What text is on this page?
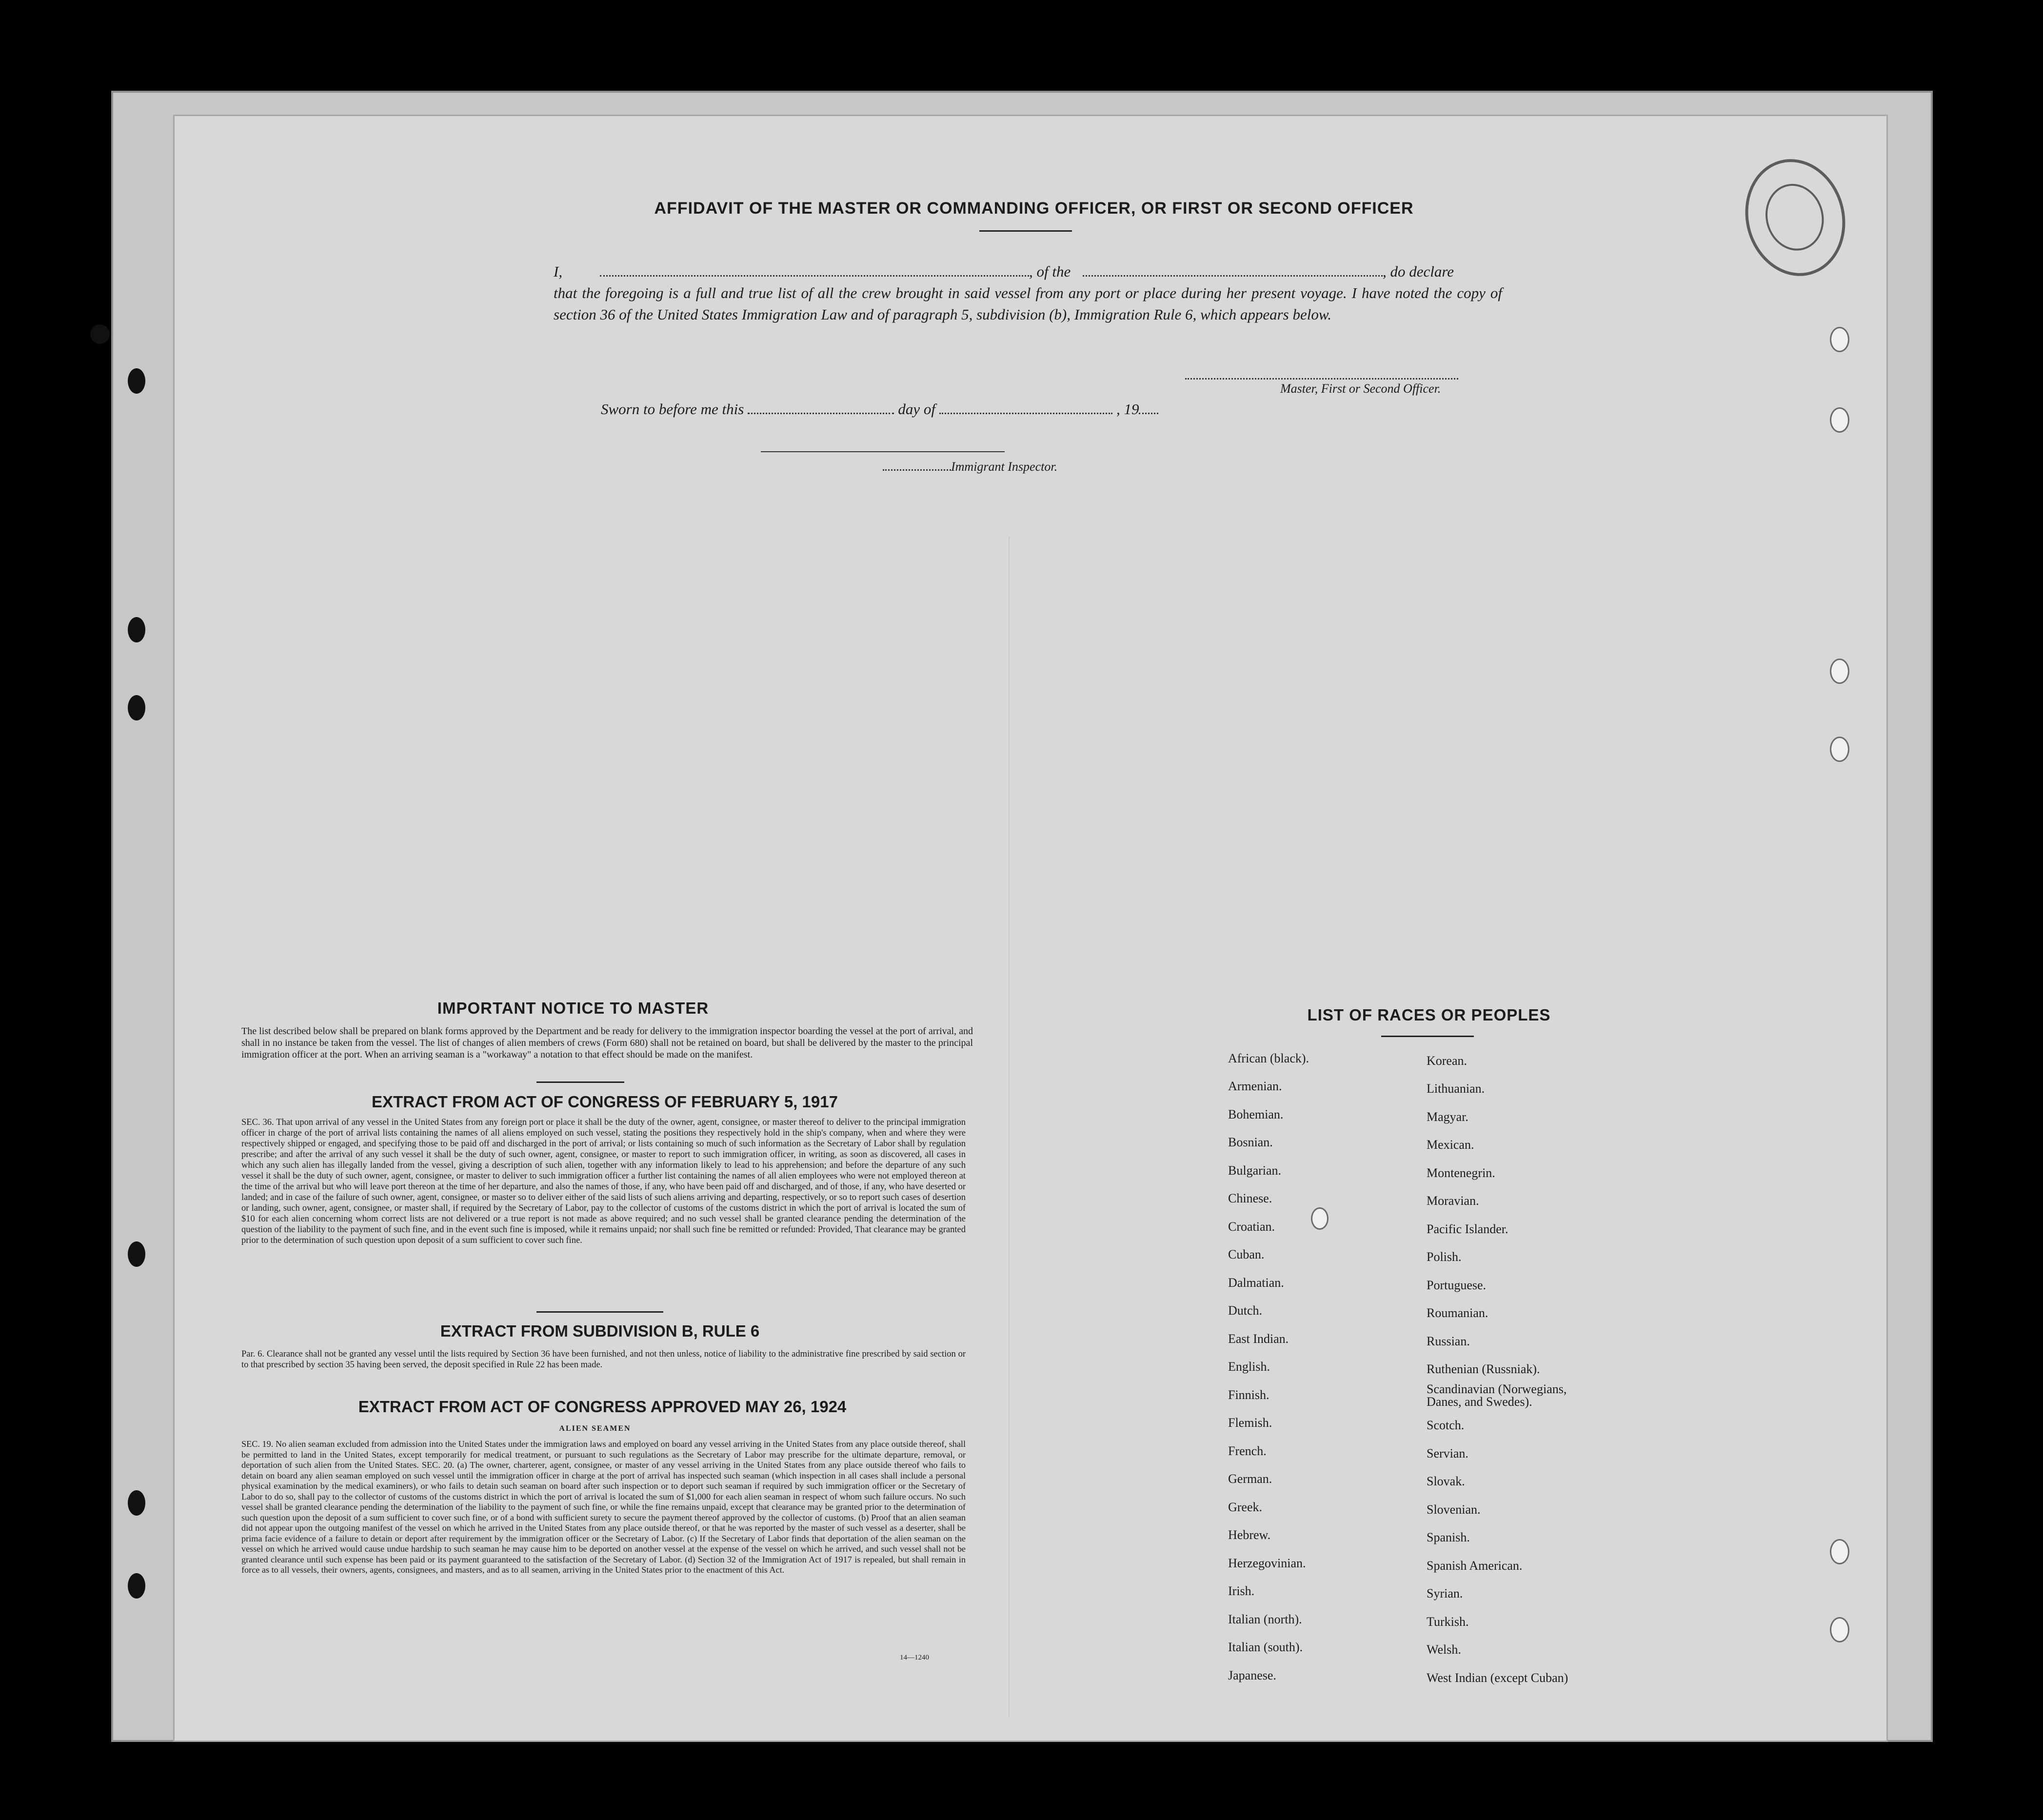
AFFIDAVIT OF THE MASTER OR COMMANDING OFFICER, OR FIRST OR SECOND OFFICER
I,	, of the	, do declare
that the foregoing is a full and true list of all the crew brought in said vessel from any port or place during her present voyage. I have noted the copy of section 36 of the United States Immigration Law and of paragraph 5, subdivision (b), Immigration Rule 6, which appears below.
Master, First or Second Officer.
Sworn to before me this	day of	, 19
Immigrant Inspector.
IMPORTANT NOTICE TO MASTER
The list described below shall be prepared on blank forms approved by the Department and be ready for delivery to the immigration inspector boarding the vessel at the port of arrival, and shall in no instance be taken from the vessel. The list of changes of alien members of crews (Form 680) shall not be retained on board, but shall be delivered by the master to the principal immigration officer at the port. When an arriving seaman is a "workaway" a notation to that effect should be made on the manifest.
EXTRACT FROM ACT OF CONGRESS OF FEBRUARY 5, 1917
SEC. 36. That upon arrival of any vessel in the United States from any foreign port or place it shall be the duty of the owner, agent, consignee, or master thereof to deliver to the principal immigration officer in charge of the port of arrival lists containing the names of all aliens employed on such vessel, stating the positions they respectively hold in the ship's company, when and where they were respectively shipped or engaged, and specifying those to be paid off and discharged in the port of arrival; or lists containing so much of such information as the Secretary of Labor shall by regulation prescribe; and after the arrival of any such vessel it shall be the duty of such owner, agent, consignee, or master to report to such immigration officer, in writing, as soon as discovered, all cases in which any such alien has illegally landed from the vessel, giving a description of such alien, together with any information likely to lead to his apprehension; and before the departure of any such vessel it shall be the duty of such owner, agent, consignee, or master to deliver to such immigration officer a further list containing the names of all alien employees who were not employed thereon at the time of the arrival but who will leave port thereon at the time of her departure, and also the names of those, if any, who have been paid off and discharged, and of those, if any, who have deserted or landed; and in case of the failure of such owner, agent, consignee, or master so to deliver either of the said lists of such aliens arriving and departing, respectively, or so to report such cases of desertion or landing, such owner, agent, consignee, or master shall, if required by the Secretary of Labor, pay to the collector of customs of the customs district in which the port of arrival is located the sum of $10 for each alien concerning whom correct lists are not delivered or a true report is not made as above required; and no such vessel shall be granted clearance pending the determination of the question of the liability to the payment of such fine, and in the event such fine is imposed, while it remains unpaid; nor shall such fine be remitted or refunded: Provided, That clearance may be granted prior to the determination of such question upon deposit of a sum sufficient to cover such fine.
EXTRACT FROM SUBDIVISION B, RULE 6
Par. 6. Clearance shall not be granted any vessel until the lists required by Section 36 have been furnished, and not then unless, notice of liability to the administrative fine prescribed by said section or to that prescribed by section 35 having been served, the deposit specified in Rule 22 has been made.
EXTRACT FROM ACT OF CONGRESS APPROVED MAY 26, 1924
ALIEN SEAMEN
SEC. 19. No alien seaman excluded from admission into the United States under the immigration laws and employed on board any vessel arriving in the United States from any place outside thereof, shall be permitted to land in the United States, except temporarily for medical treatment, or pursuant to such regulations as the Secretary of Labor may prescribe for the ultimate departure, removal, or deportation of such alien from the United States. SEC. 20. (a) The owner, charterer, agent, consignee, or master of any vessel arriving in the United States from any place outside thereof who fails to detain on board any alien seaman employed on such vessel until the immigration officer in charge at the port of arrival has inspected such seaman (which inspection in all cases shall include a personal physical examination by the medical examiners), or who fails to detain such seaman on board after such inspection or to deport such seaman if required by such immigration officer or the Secretary of Labor to do so, shall pay to the collector of customs of the customs district in which the port of arrival is located the sum of $1,000 for each alien seaman in respect of whom such failure occurs. No such vessel shall be granted clearance pending the determination of the liability to the payment of such fine, or while the fine remains unpaid, except that clearance may be granted prior to the determination of such question upon the deposit of a sum sufficient to cover such fine, or of a bond with sufficient surety to secure the payment thereof approved by the collector of customs. (b) Proof that an alien seaman did not appear upon the outgoing manifest of the vessel on which he arrived in the United States from any place outside thereof, or that he was reported by the master of such vessel as a deserter, shall be prima facie evidence of a failure to detain or deport after requirement by the immigration officer or the Secretary of Labor. (c) If the Secretary of Labor finds that deportation of the alien seaman on the vessel on which he arrived would cause undue hardship to such seaman he may cause him to be deported on another vessel at the expense of the vessel on which he arrived, and such vessel shall not be granted clearance until such expense has been paid or its payment guaranteed to the satisfaction of the Secretary of Labor. (d) Section 32 of the Immigration Act of 1917 is repealed, but shall remain in force as to all vessels, their owners, agents, consignees, and masters, and as to all seamen, arriving in the United States prior to the enactment of this Act.
14—1240
LIST OF RACES OR PEOPLES
African (black).
Armenian.
Bohemian.
Bosnian.
Bulgarian.
Chinese.
Croatian.
Cuban.
Dalmatian.
Dutch.
East Indian.
English.
Finnish.
Flemish.
French.
German.
Greek.
Hebrew.
Herzegovinian.
Irish.
Italian (north).
Italian (south).
Japanese.
Korean.
Lithuanian.
Magyar.
Mexican.
Montenegrin.
Moravian.
Pacific Islander.
Polish.
Portuguese.
Roumanian.
Russian.
Ruthenian (Russniak).
Scandinavian (Norwegians, Danes, and Swedes).
Scotch.
Servian.
Slovak.
Slovenian.
Spanish.
Spanish American.
Syrian.
Turkish.
Welsh.
West Indian (except Cuban)
